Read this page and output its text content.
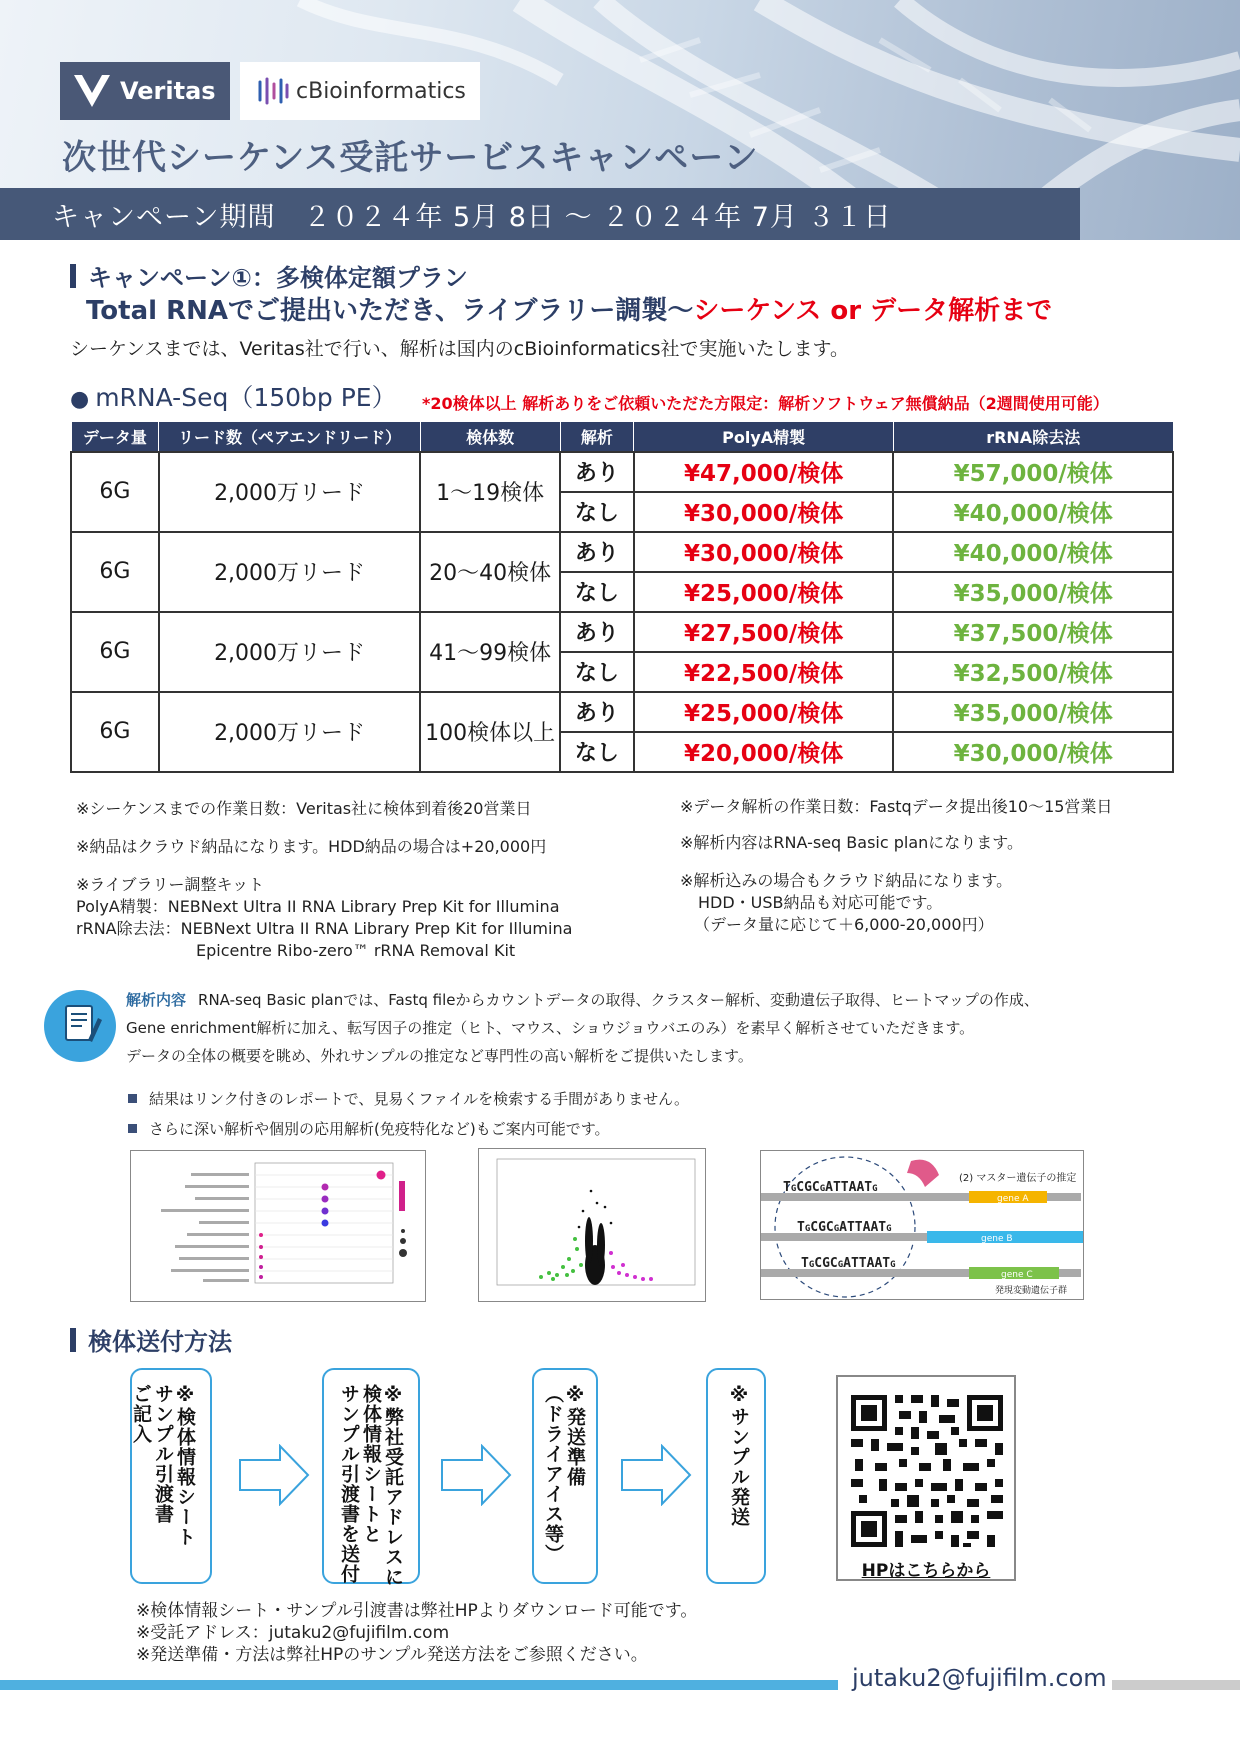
Veritas	cBioinformatics
次世代シーケンス受託サービスキャンペーン
キャンペーン期間　２０２４年 5月 8日 ～ ２０２４年 7月 ３１日
キャンペーン①：多検体定額プラン
Total RNAでご提出いただき、ライブラリー調製～シーケンス or データ解析まで
シーケンスまでは、Veritas社で行い、解析は国内のcBioinformatics社で実施いたします。
● mRNA-Seq（150bp PE） *20検体以上 解析ありをご依頼いただた方限定：解析ソフトウェア無償納品（2週間使用可能）
データ量	リード数（ペアエンドリード）	検体数	解析	PolyA精製	rRNA除去法
6G	2,000万リード	1～19検体	あり	¥47,000/検体	¥57,000/検体
			なし	¥30,000/検体	¥40,000/検体
6G	2,000万リード	20～40検体	あり	¥30,000/検体	¥40,000/検体
			なし	¥25,000/検体	¥35,000/検体
6G	2,000万リード	41～99検体	あり	¥27,500/検体	¥37,500/検体
			なし	¥22,500/検体	¥32,500/検体
6G	2,000万リード	100検体以上	あり	¥25,000/検体	¥35,000/検体
			なし	¥20,000/検体	¥30,000/検体
※シーケンスまでの作業日数：Veritas社に検体到着後20営業日
※納品はクラウド納品になります。HDD納品の場合は+20,000円
※ライブラリー調整キット
PolyA精製：NEBNext Ultra II RNA Library Prep Kit for Illumina
rRNA除去法：NEBNext Ultra II RNA Library Prep Kit for Illumina
Epicentre Ribo-zero™ rRNA Removal Kit
※データ解析の作業日数：Fastqデータ提出後10～15営業日
※解析内容はRNA-seq Basic planになります。
※解析込みの場合もクラウド納品になります。
HDD・USB納品も対応可能です。
（データ量に応じて＋6,000-20,000円）
解析内容 RNA-seq Basic planでは、Fastq fileからカウントデータの取得、クラスター解析、変動遺伝子取得、ヒートマップの作成、
Gene enrichment解析に加え、転写因子の推定（ヒト、マウス、ショウジョウバエのみ）を素早く解析させていただきます。
データの全体の概要を眺め、外れサンプルの推定など専門性の高い解析をご提供いたします。
結果はリンク付きのレポートで、見易くファイルを検索する手間がありません。
さらに深い解析や個別の応用解析(免疫特化など)もご案内可能です。
TGCGCGATTAATG
TGCGCGATTAATG
TGCGCGATTAATG
(2) マスター遺伝子の推定
gene A
gene B
gene C
発現変動遺伝子群
検体送付方法
※検体情報シート
サンプル引渡書
ご記入	※弊社受託アドレスに
検体情報シートと
サンプル引渡書を送付	※発送準備
（ドライアイス等）	※サンプル発送
HPはこちらから
※検体情報シート・サンプル引渡書は弊社HPよりダウンロード可能です。
※受託アドレス：jutaku2@fujifilm.com
※発送準備・方法は弊社HPのサンプル発送方法をご参照ください。
jutaku2@fujifilm.com
